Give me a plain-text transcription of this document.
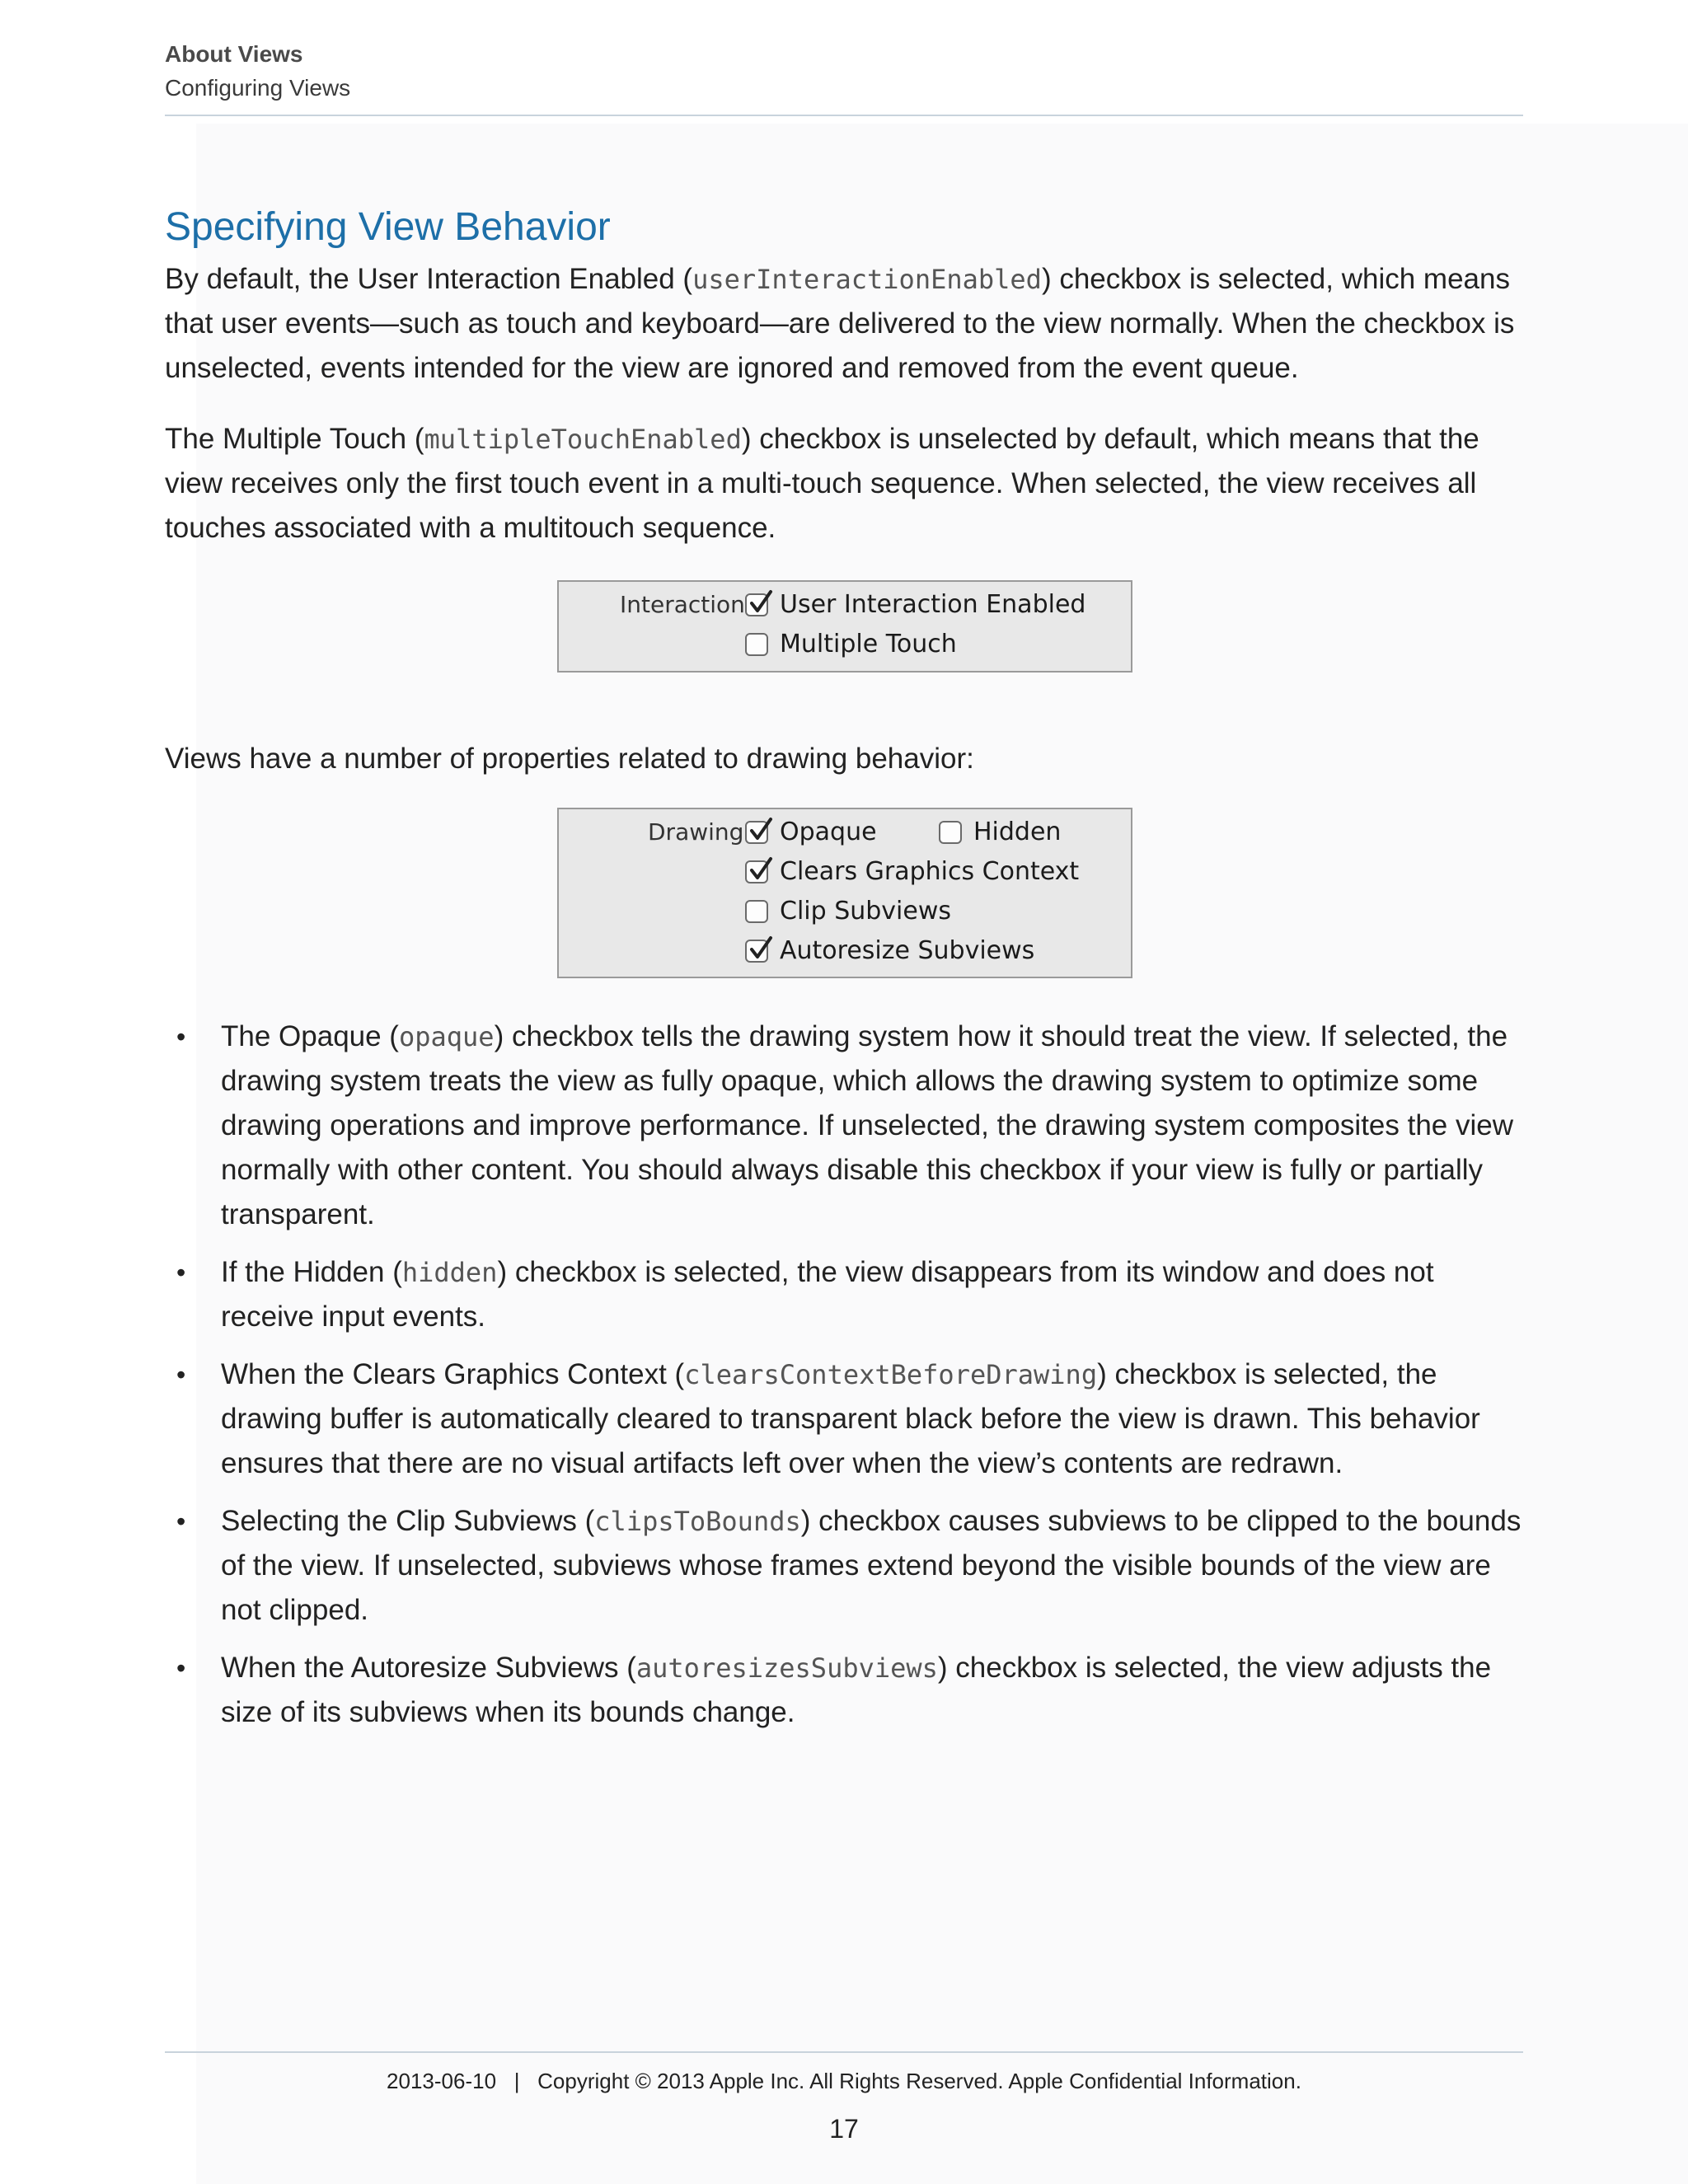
About Views
Configuring Views
Specifying View Behavior

By default, the User Interaction Enabled (userInteractionEnabled) checkbox is selected, which means that user events—such as touch and keyboard—are delivered to the view normally. When the checkbox is unselected, events intended for the view are ignored and removed from the event queue.

The Multiple Touch (multipleTouchEnabled) checkbox is unselected by default, which means that the view receives only the first touch event in a multi-touch sequence. When selected, the view receives all touches associated with a multitouch sequence.

Interaction User Interaction Enabled
Multiple Touch

Views have a number of properties related to drawing behavior:

Drawing Opaque	Hidden
Clears Graphics Context
Clip Subviews
Autoresize Subviews
• The Opaque (opaque) checkbox tells the drawing system how it should treat the view. If selected, the drawing system treats the view as fully opaque, which allows the drawing system to optimize some drawing operations and improve performance. If unselected, the drawing system composites the view normally with other content. You should always disable this checkbox if your view is fully or partially transparent.
• If the Hidden (hidden) checkbox is selected, the view disappears from its window and does not receive input events.
• When the Clears Graphics Context (clearsContextBeforeDrawing) checkbox is selected, the drawing buffer is automatically cleared to transparent black before the view is drawn. This behavior ensures that there are no visual artifacts left over when the view’s contents are redrawn.
• Selecting the Clip Subviews (clipsToBounds) checkbox causes subviews to be clipped to the bounds of the view. If unselected, subviews whose frames extend beyond the visible bounds of the view are not clipped.
• When the Autoresize Subviews (autoresizesSubviews) checkbox is selected, the view adjusts the size of its subviews when its bounds change.
2013-06-10   |   Copyright © 2013 Apple Inc. All Rights Reserved. Apple Confidential Information.
17
